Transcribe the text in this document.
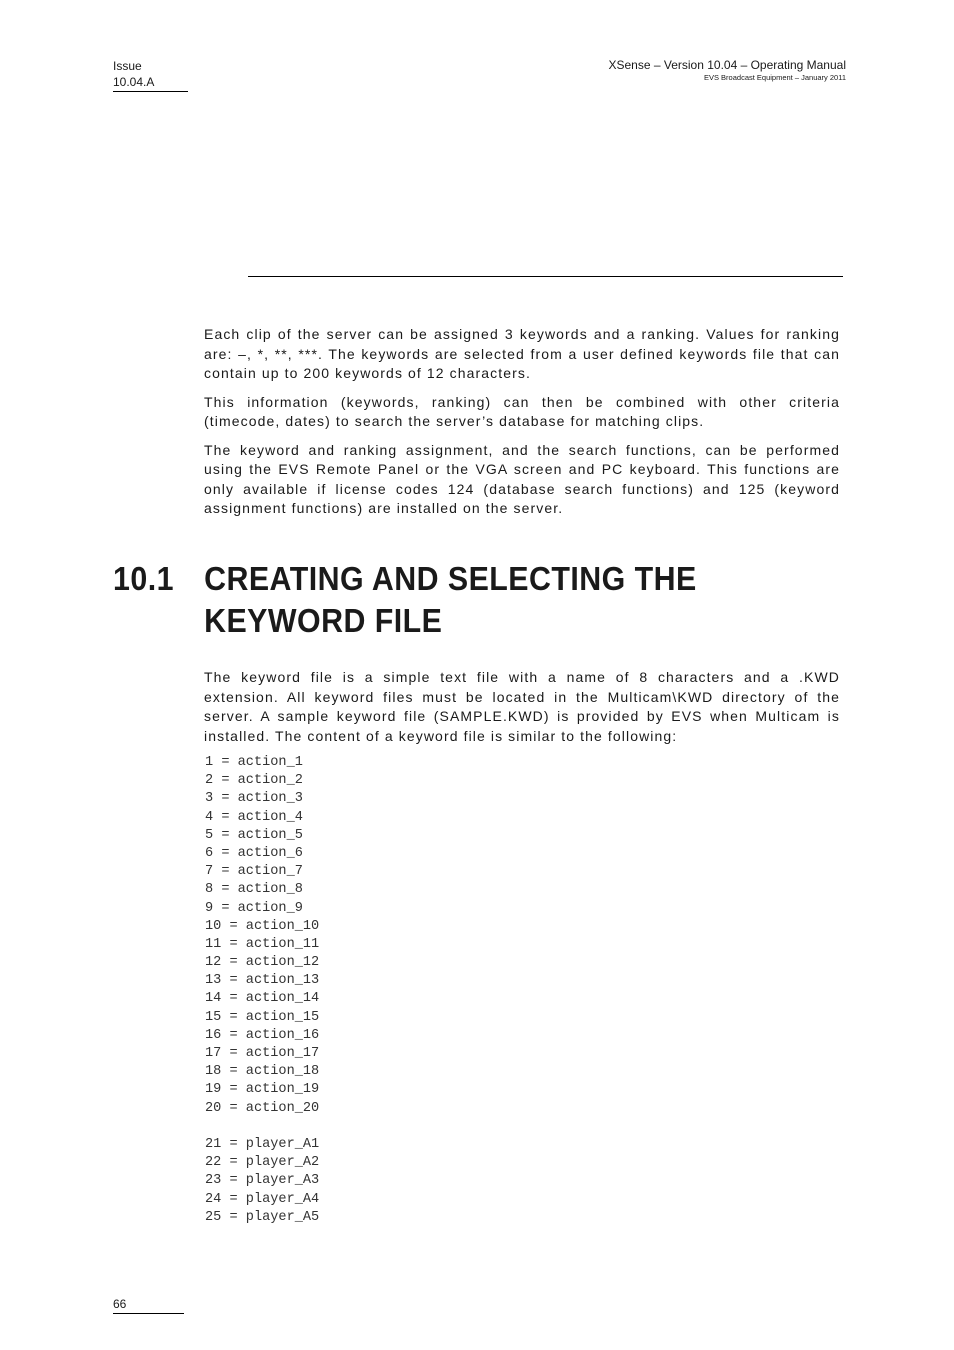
Issue
10.04.A
XSense – Version 10.04 – Operating Manual
EVS Broadcast Equipment – January 2011

Each clip of the server can be assigned 3 keywords and a ranking. Values for ranking are: –, *, **, ***. The keywords are selected from a user defined keywords file that can contain up to 200 keywords of 12 characters.

This information (keywords, ranking) can then be combined with other criteria (timecode, dates) to search the server’s database for matching clips.

The keyword and ranking assignment, and the search functions, can be performed using the EVS Remote Panel or the VGA screen and PC keyboard. This functions are only available if license codes 124 (database search functions) and 125 (keyword assignment functions) are installed on the server.

10.1 CREATING AND SELECTING THE
KEYWORD FILE

The keyword file is a simple text file with a name of 8 characters and a .KWD extension. All keyword files must be located in the Multicam\KWD directory of the server. A sample keyword file (SAMPLE.KWD) is provided by EVS when Multicam is installed. The content of a keyword file is similar to the following:

1 = action_1
2 = action_2
3 = action_3
4 = action_4
5 = action_5
6 = action_6
7 = action_7
8 = action_8
9 = action_9
10 = action_10
11 = action_11
12 = action_12
13 = action_13
14 = action_14
15 = action_15
16 = action_16
17 = action_17
18 = action_18
19 = action_19
20 = action_20
21 = player_A1
22 = player_A2
23 = player_A3
24 = player_A4
25 = player_A5
66
